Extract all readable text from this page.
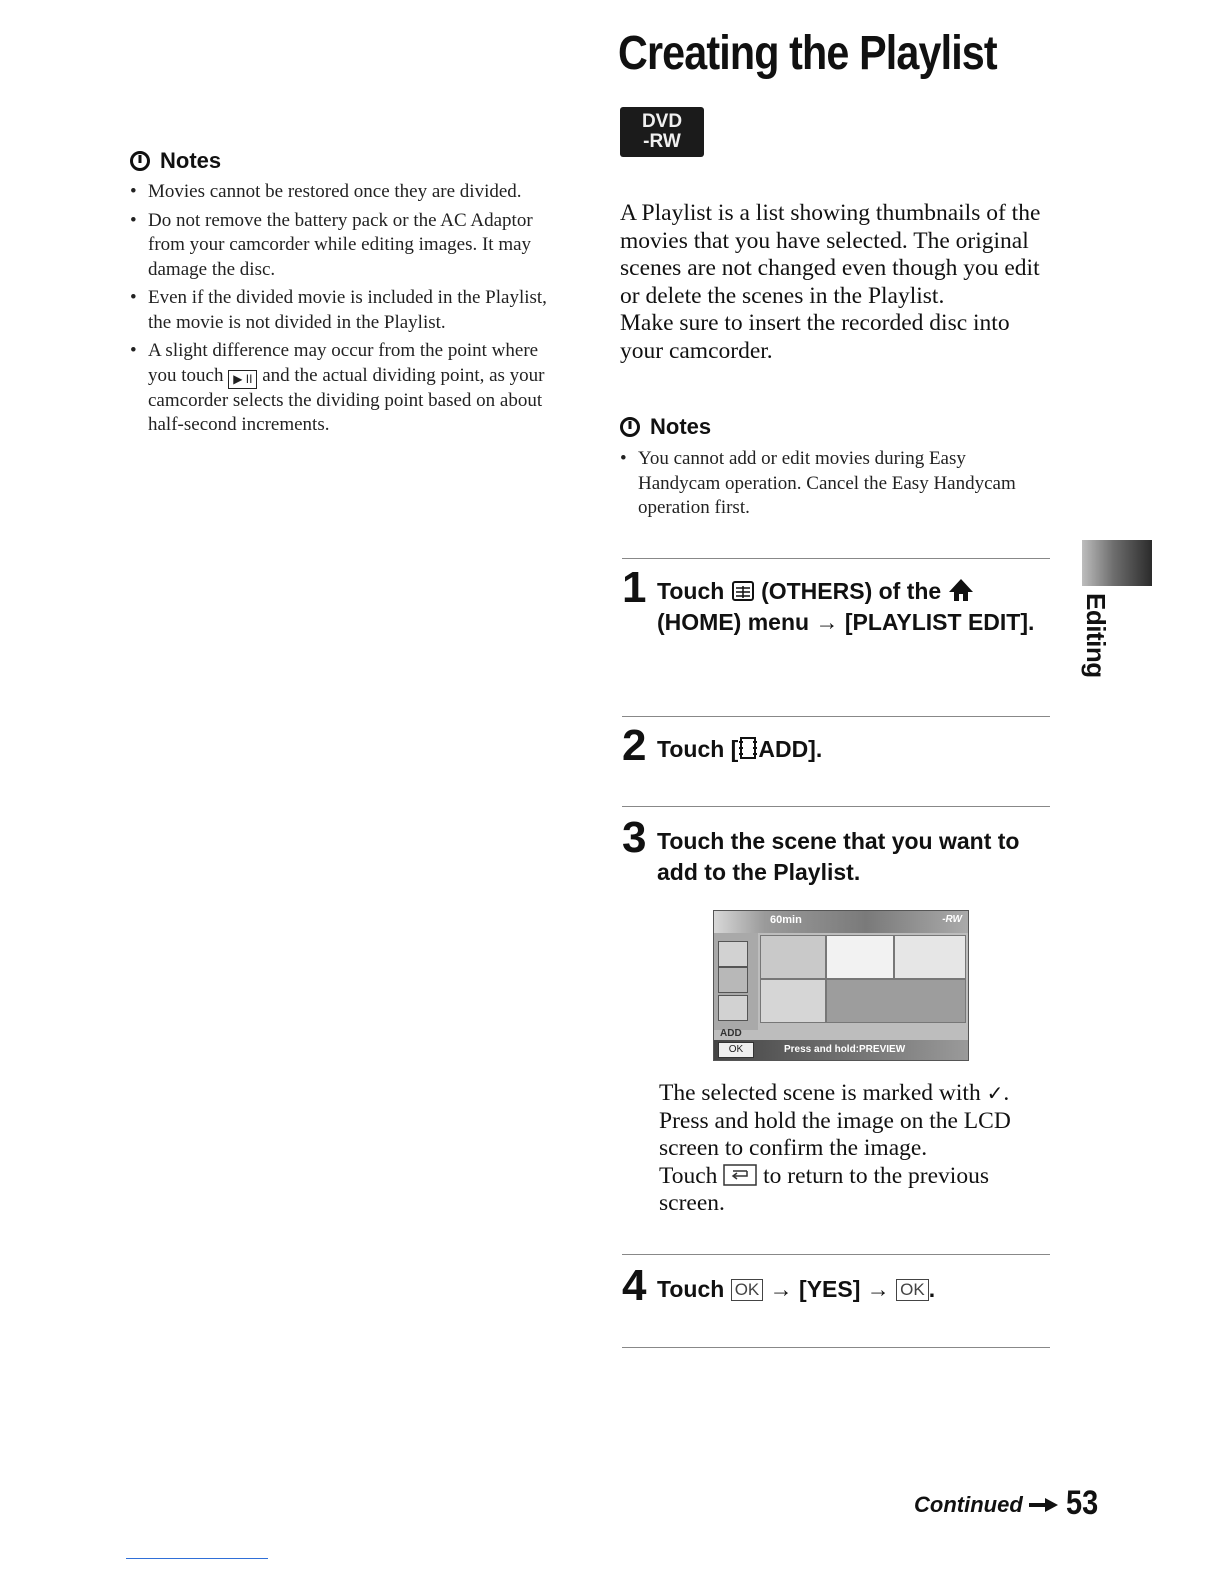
Creating the Playlist
DVD
-RW
Notes
• Movies cannot be restored once they are divided.
• Do not remove the battery pack or the AC Adaptor from your camcorder while editing images. It may damage the disc.
• Even if the divided movie is included in the Playlist, the movie is not divided in the Playlist.
• A slight difference may occur from the point where you touch ▶ II and the actual dividing point, as your camcorder selects the dividing point based on about half-second increments.

A Playlist is a list showing thumbnails of the movies that you have selected. The original scenes are not changed even though you edit or delete the scenes in the Playlist.

Make sure to insert the recorded disc into your camcorder.

Notes
• You cannot add or edit movies during Easy Handycam operation. Cancel the Easy Handycam operation first.
1 Touch (OTHERS) of the  (HOME) menu → [PLAYLIST EDIT].
2 Touch [ ADD].
3 Touch the scene that you want to add to the Playlist.
60min	-RW
ADD
OK	Press and hold:PREVIEW

The selected scene is marked with ✓.

Press and hold the image on the LCD screen to confirm the image.

Touch to return to the previous screen.

4 Touch OK → [YES] → OK .
Editing
Continued 53
